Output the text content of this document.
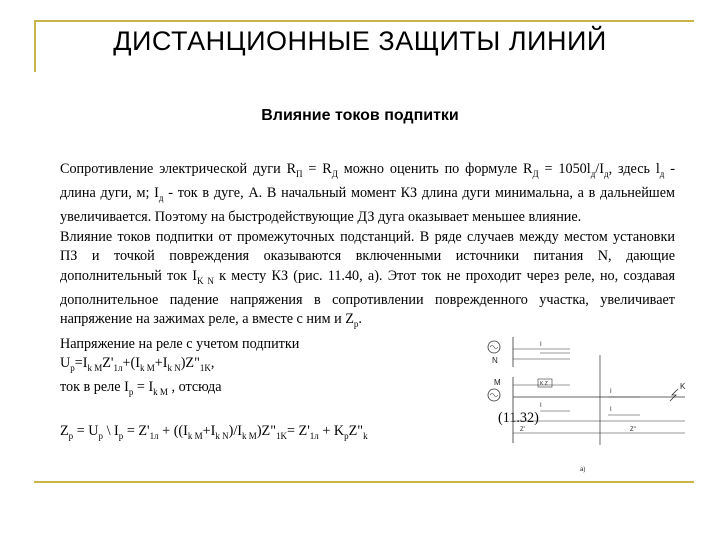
ДИСТАНЦИОННЫЕ ЗАЩИТЫ ЛИНИЙ
Влияние токов подпитки

Сопротивление электрической дуги $R_П = R_Д$ можно оценить по формуле $R_Д = 1050l_д/I_д$, здесь $l_д$ - длина дуги, м; $I_д$ - ток в дуге, А. В начальный момент КЗ длина дуги минимальна, а в дальнейшем увеличивается. Поэтому на быстродействующие ДЗ дуга оказывает меньшее влияние.

Влияние токов подпитки от промежуточных подстанций. В ряде случаев между местом установки ПЗ и точкой повреждения оказываются включенными источники питания N, дающие дополнительный ток $I_{K N}$ к месту КЗ (рис. 11.40, а). Этот ток не проходит через реле, но, создавая дополнительное падение напряжения в сопротивлении поврежденного участка, увеличивает напряжение на зажимах реле, а вместе с ним и $Z_р$.

Напряжение на реле с учетом подпитки

$U_р=I_{k M}Z'_{1л}+(I_{k M}+I_{k N})Z"_{1K}$,

ток в реле $I_р = I_{k M}$ , отсюда

$Z_р = U_р$ \ $I_р = Z'_{1л}$ + $((I_{k M}+I_{k N})/I_{k M})Z"_{1K}= Z'_{1л}$ + $K_рZ"_k$

(11.32)
N
I
M	K Z
I
I
I
K
Z'	Z"
а)
